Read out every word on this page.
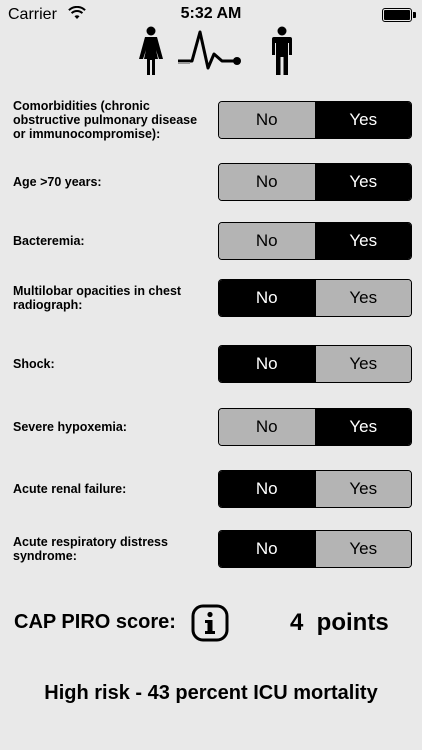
Carrier	5:32 AM
Comorbidities (chronic obstructive pulmonary disease or immunocompromise):
No	Yes
Age >70 years:	No	Yes
Bacteremia:	No	Yes
Multilobar opacities in chest radiograph:	No	Yes
Shock:	No	Yes
Severe hypoxemia:	No	Yes
Acute renal failure:	No	Yes
Acute respiratory distress syndrome:	No	Yes
CAP PIRO score:	4  points
High risk - 43 percent ICU mortality
